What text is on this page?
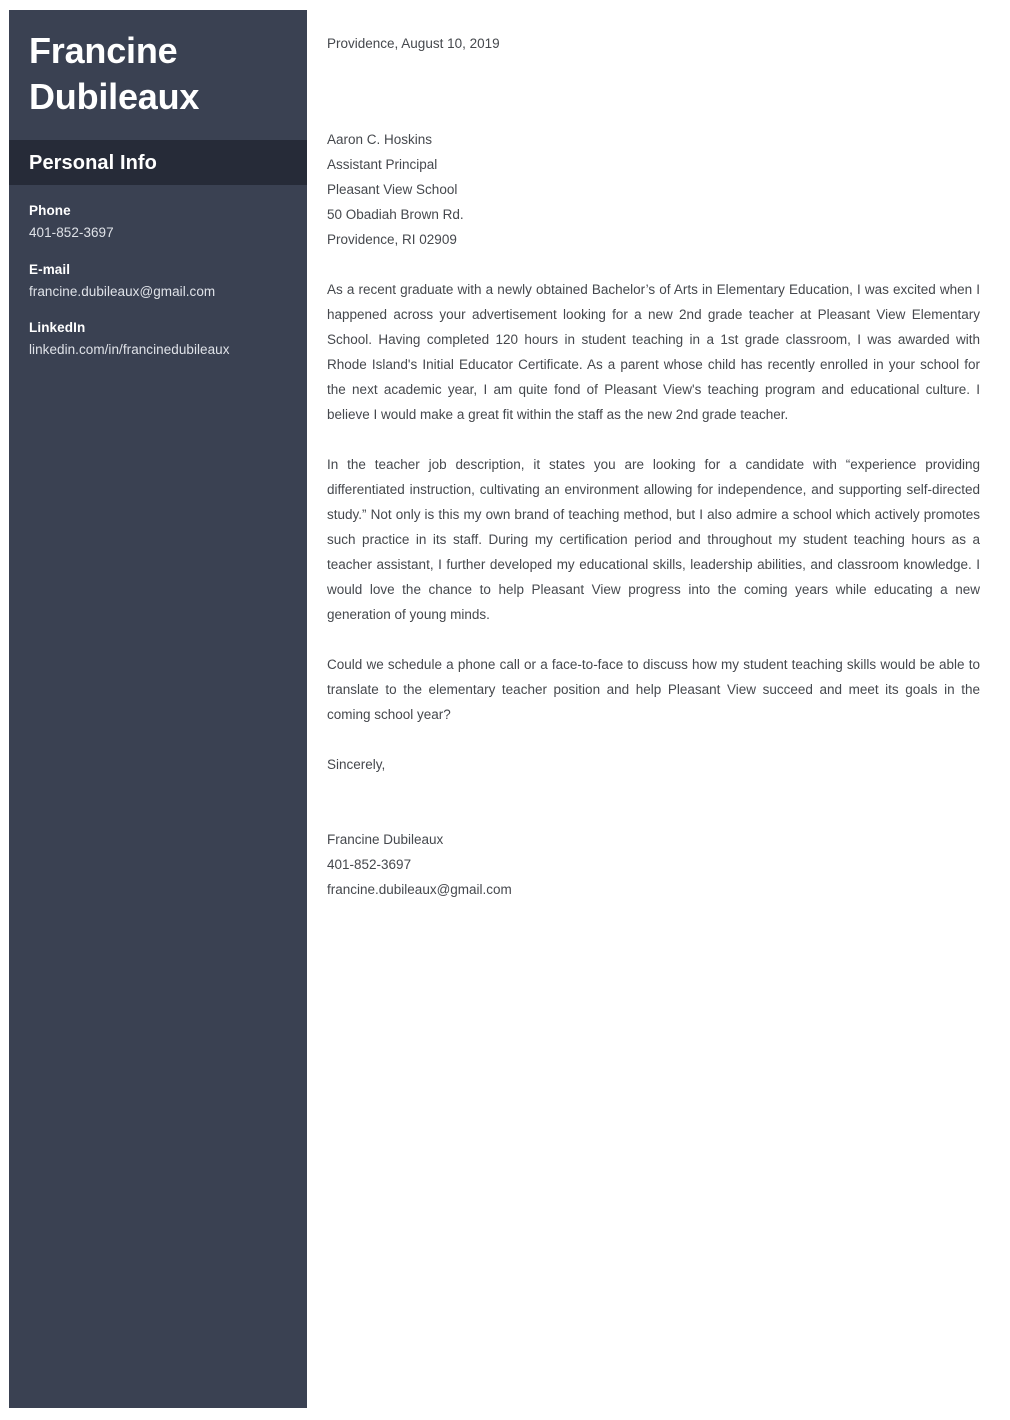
Francine
Dubileaux
Personal Info
Phone
401-852-3697
E-mail
francine.dubileaux@gmail.com
LinkedIn
linkedin.com/in/francinedubileaux
Providence, August 10, 2019
Aaron C. Hoskins
Assistant Principal
Pleasant View School
50 Obadiah Brown Rd.
Providence, RI 02909

As a recent graduate with a newly obtained Bachelor’s of Arts in Elementary Education, I was excited when I happened across your advertisement looking for a new 2nd grade teacher at Pleasant View Elementary School. Having completed 120 hours in student teaching in a 1st grade classroom, I was awarded with Rhode Island's Initial Educator Certificate. As a parent whose child has recently enrolled in your school for the next academic year, I am quite fond of Pleasant View's teaching program and educational culture. I believe I would make a great fit within the staff as the new 2nd grade teacher.

In the teacher job description, it states you are looking for a candidate with “experience providing differentiated instruction, cultivating an environment allowing for independence, and supporting self-directed study.” Not only is this my own brand of teaching method, but I also admire a school which actively promotes such practice in its staff. During my certification period and throughout my student teaching hours as a teacher assistant, I further developed my educational skills, leadership abilities, and classroom knowledge. I would love the chance to help Pleasant View progress into the coming years while educating a new generation of young minds.

Could we schedule a phone call or a face-to-face to discuss how my student teaching skills would be able to translate to the elementary teacher position and help Pleasant View succeed and meet its goals in the coming school year?

Sincerely,
Francine Dubileaux
401-852-3697
francine.dubileaux@gmail.com
